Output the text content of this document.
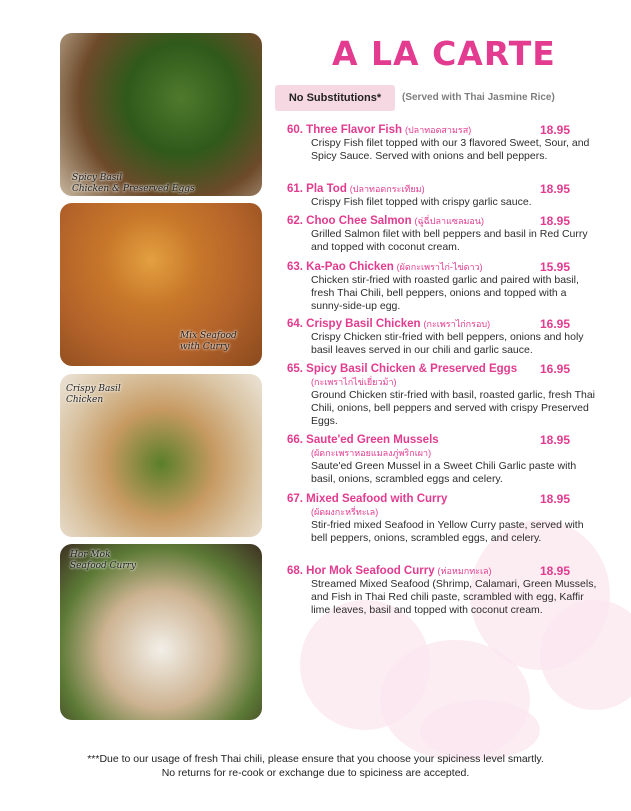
Spicy Basil
Chicken & Preserved Eggs
Mix Seafood
with Curry
Crispy Basil
Chicken
Hor Mok
Seafood Curry
A LA CARTE
No Substitutions*	(Served with Thai Jasmine Rice)
60. Three Flavor Fish (ปลาทอดสามรส)	18.95
Crispy Fish filet topped with our 3 flavored Sweet, Sour, and Spicy Sauce. Served with onions and bell peppers.
61. Pla Tod (ปลาทอดกระเทียม)	18.95
Crispy Fish filet topped with crispy garlic sauce.
62. Choo Chee Salmon (ฉู่ฉี่ปลาแซลมอน)	18.95
Grilled Salmon filet with bell peppers and basil in Red Curry and topped with coconut cream.
63. Ka-Pao Chicken (ผัดกะเพราไก่-ไข่ดาว)	15.95
Chicken stir-fried with roasted garlic and paired with basil, fresh Thai Chili, bell peppers, onions and topped with a sunny-side-up egg.
64. Crispy Basil Chicken (กะเพราไก่กรอบ)	16.95
Crispy Chicken stir-fried with bell peppers, onions and holy basil leaves served in our chili and garlic sauce.
65. Spicy Basil Chicken & Preserved Eggs	16.95
(กะเพราไก่ไข่เยี่ยวม้า)
Ground Chicken stir-fried with basil, roasted garlic, fresh Thai Chili, onions, bell peppers and served with crispy Preserved Eggs.
66. Saute'ed Green Mussels	18.95
(ผัดกะเพราหอยแมลงภู่พริกเผา)
Saute'ed Green Mussel in a Sweet Chili Garlic paste with basil, onions, scrambled eggs and celery.
67. Mixed Seafood with Curry	18.95
(ผัดผงกะหรี่ทะเล)
Stir-fried mixed Seafood in Yellow Curry paste, served with bell peppers, onions, scrambled eggs, and celery.
68. Hor Mok Seafood Curry (ห่อหมกทะเล)	18.95
Streamed Mixed Seafood (Shrimp, Calamari, Green Mussels, and Fish in Thai Red chili paste, scrambled with egg, Kaffir lime leaves, basil and topped with coconut cream.
***Due to our usage of fresh Thai chili, please ensure that you choose your spiciness level smartly.
No returns for re-cook or exchange due to spiciness are accepted.
